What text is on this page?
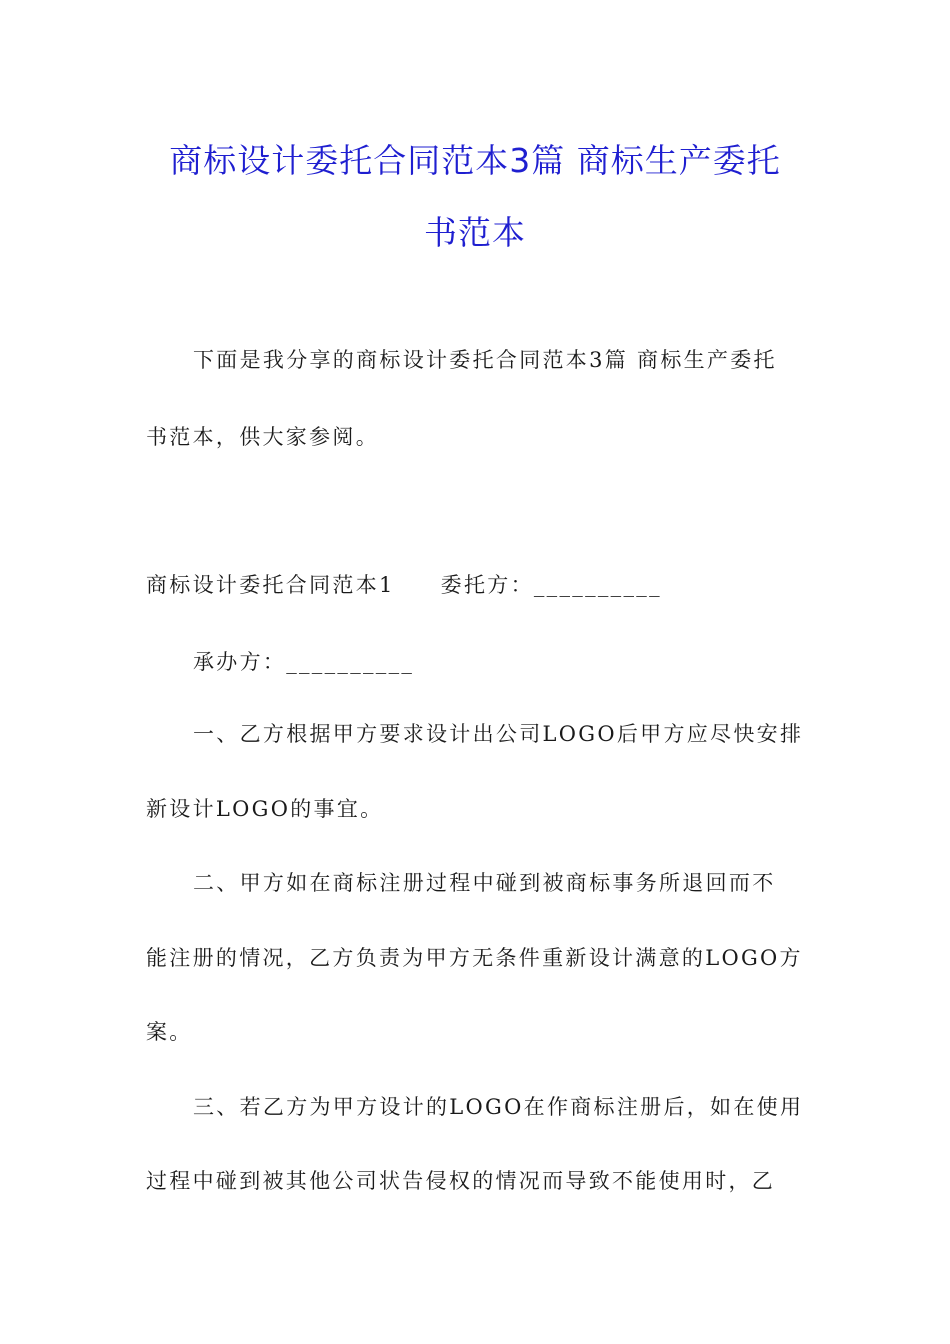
商标设计委托合同范本3篇 商标生产委托
书范本
下面是我分享的商标设计委托合同范本3篇 商标生产委托
书范本，供大家参阅。
商标设计委托合同范本1 委托方：__________
承办方：__________
一、乙方根据甲方要求设计出公司LOGO后甲方应尽快安排
新设计LOGO的事宜。
二、甲方如在商标注册过程中碰到被商标事务所退回而不
能注册的情况，乙方负责为甲方无条件重新设计满意的LOGO方
案。
三、若乙方为甲方设计的LOGO在作商标注册后，如在使用
过程中碰到被其他公司状告侵权的情况而导致不能使用时，乙
